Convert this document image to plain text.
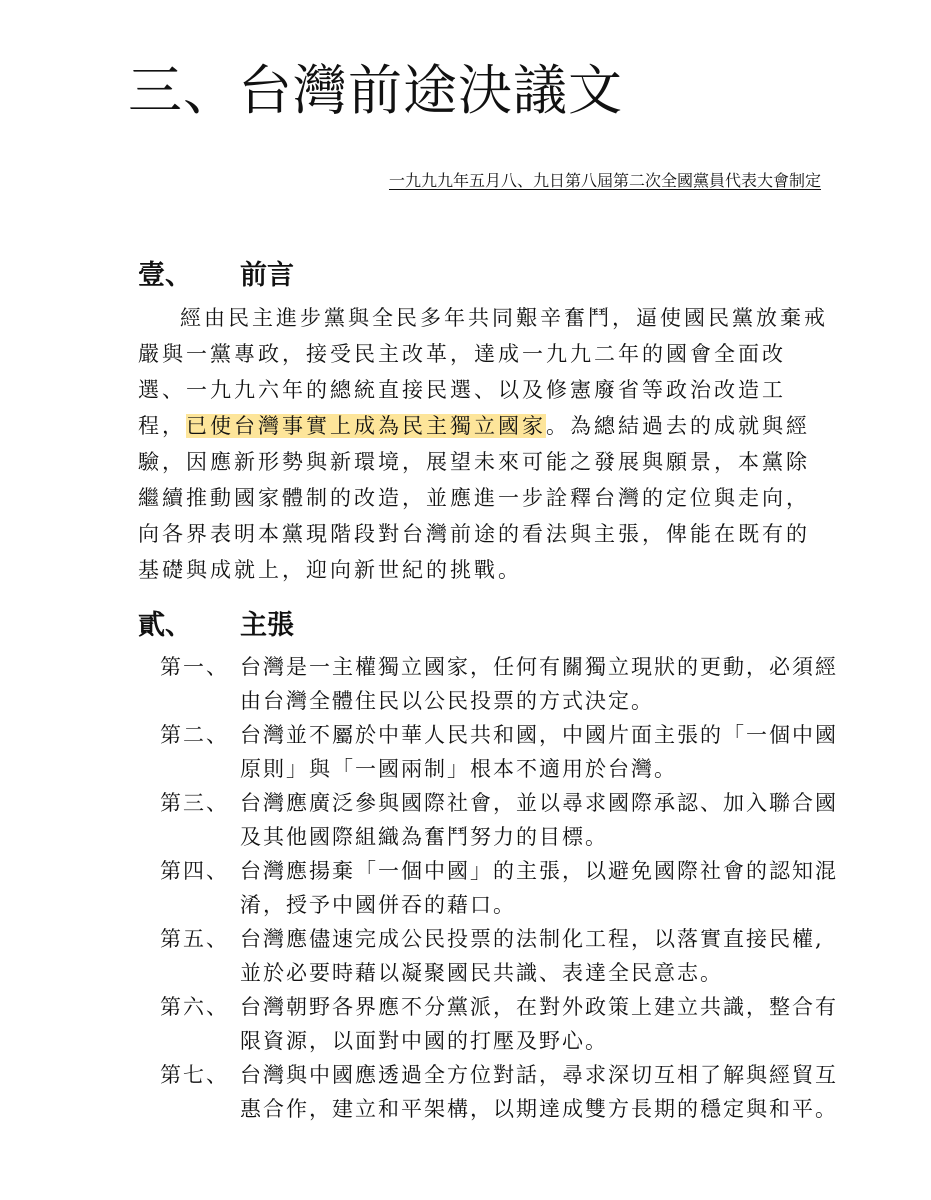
三、台灣前途決議文
一九九九年五月八、九日第八屆第二次全國黨員代表大會制定
壹、 前言

經由民主進步黨與全民多年共同艱辛奮鬥，逼使國民黨放棄戒嚴與一黨專政，接受民主改革，達成一九九二年的國會全面改選、一九九六年的總統直接民選、以及修憲廢省等政治改造工程，已使台灣事實上成為民主獨立國家。為總結過去的成就與經驗，因應新形勢與新環境，展望未來可能之發展與願景，本黨除繼續推動國家體制的改造，並應進一步詮釋台灣的定位與走向，向各界表明本黨現階段對台灣前途的看法與主張，俾能在既有的基礎與成就上，迎向新世紀的挑戰。

貳、 主張
第一、 台灣是一主權獨立國家，任何有關獨立現狀的更動，必須經由台灣全體住民以公民投票的方式決定。
第二、 台灣並不屬於中華人民共和國，中國片面主張的「一個中國原則」與「一國兩制」根本不適用於台灣。
第三、 台灣應廣泛參與國際社會，並以尋求國際承認、加入聯合國及其他國際組織為奮鬥努力的目標。
第四、 台灣應揚棄「一個中國」的主張，以避免國際社會的認知混淆，授予中國併吞的藉口。
第五、 台灣應儘速完成公民投票的法制化工程，以落實直接民權,並於必要時藉以凝聚國民共識、表達全民意志。
第六、 台灣朝野各界應不分黨派，在對外政策上建立共識，整合有限資源，以面對中國的打壓及野心。
第七、 台灣與中國應透過全方位對話，尋求深切互相了解與經貿互惠合作，建立和平架構，以期達成雙方長期的穩定與和平。
